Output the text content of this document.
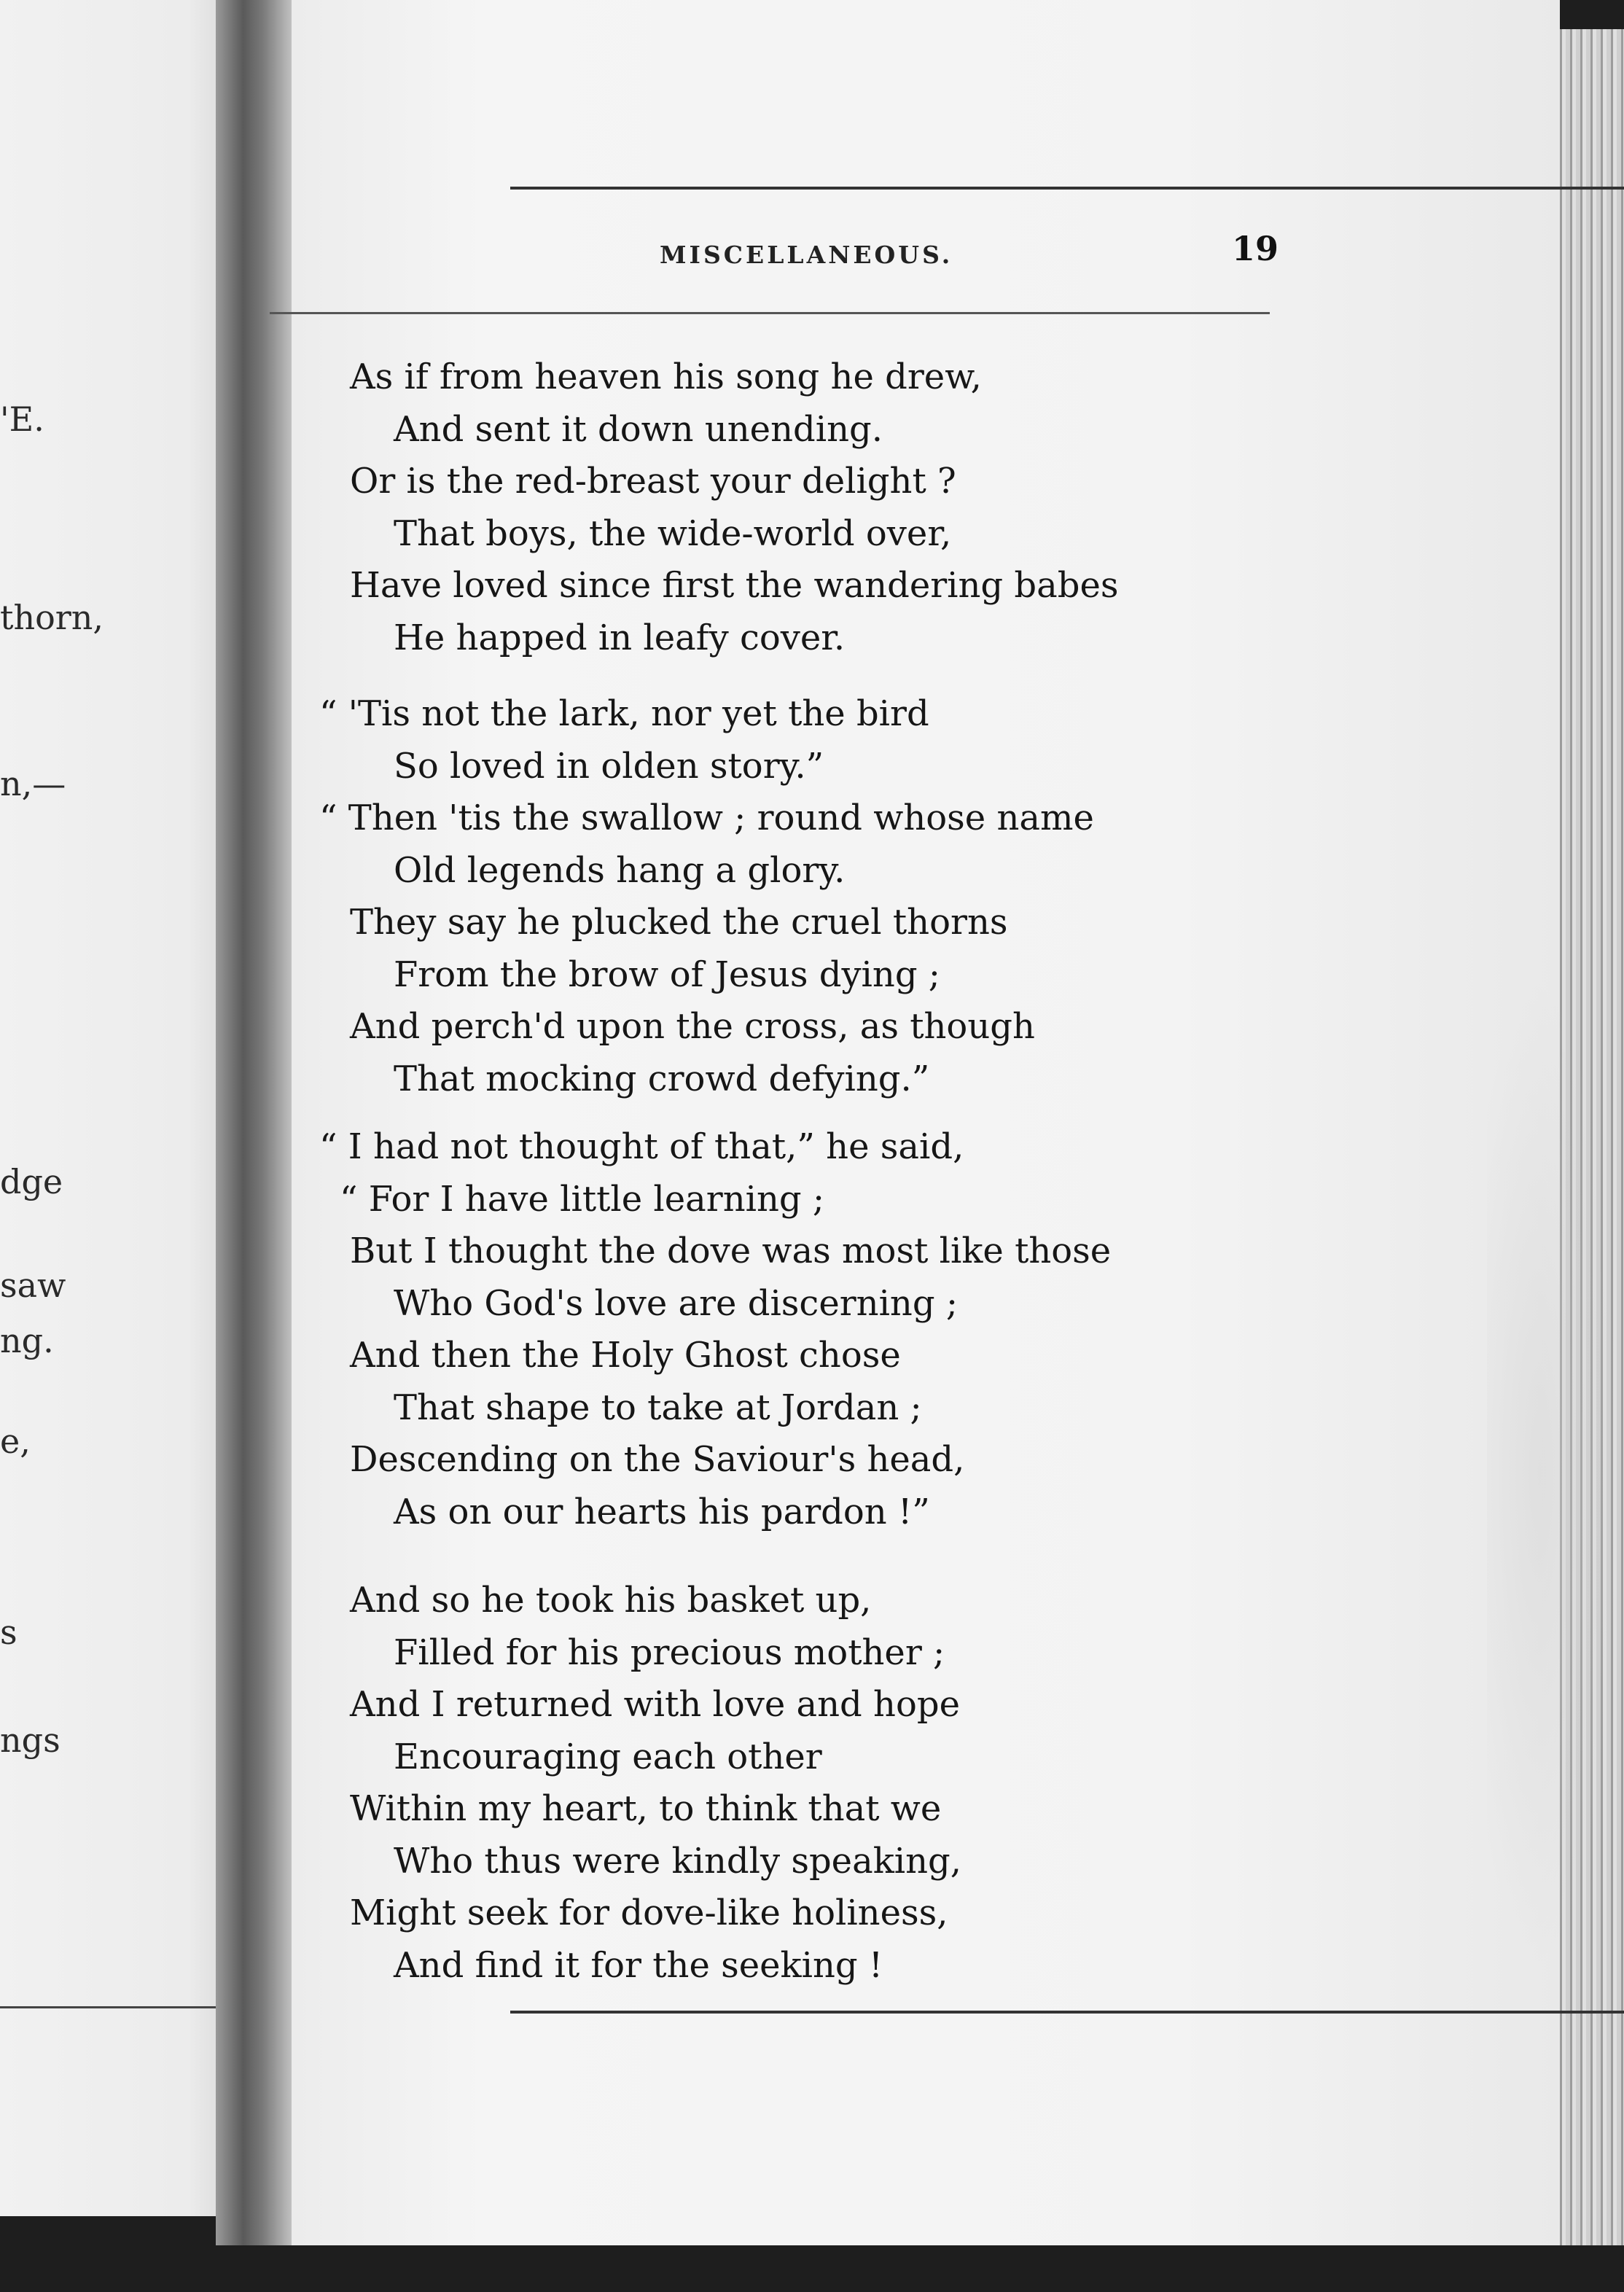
'E.
thorn,
n,—
dge
saw
ng.
e,
s
ngs
MISCELLANEOUS.	19
As if from heaven his song he drew,
And sent it down unending.
Or is the red-breast your delight ?
That boys, the wide-world over,
Have loved since first the wandering babes
He happed in leafy cover.
“ 'Tis not the lark, nor yet the bird
So loved in olden story.”
“ Then 'tis the swallow ; round whose name
Old legends hang a glory.
They say he plucked the cruel thorns
From the brow of Jesus dying ;
And perch'd upon the cross, as though
That mocking crowd defying.”
“ I had not thought of that,” he said,
“ For I have little learning ;
But I thought the dove was most like those
Who God's love are discerning ;
And then the Holy Ghost chose
That shape to take at Jordan ;
Descending on the Saviour's head,
As on our hearts his pardon !”
And so he took his basket up,
Filled for his precious mother ;
And I returned with love and hope
Encouraging each other
Within my heart, to think that we
Who thus were kindly speaking,
Might seek for dove-like holiness,
And find it for the seeking !
